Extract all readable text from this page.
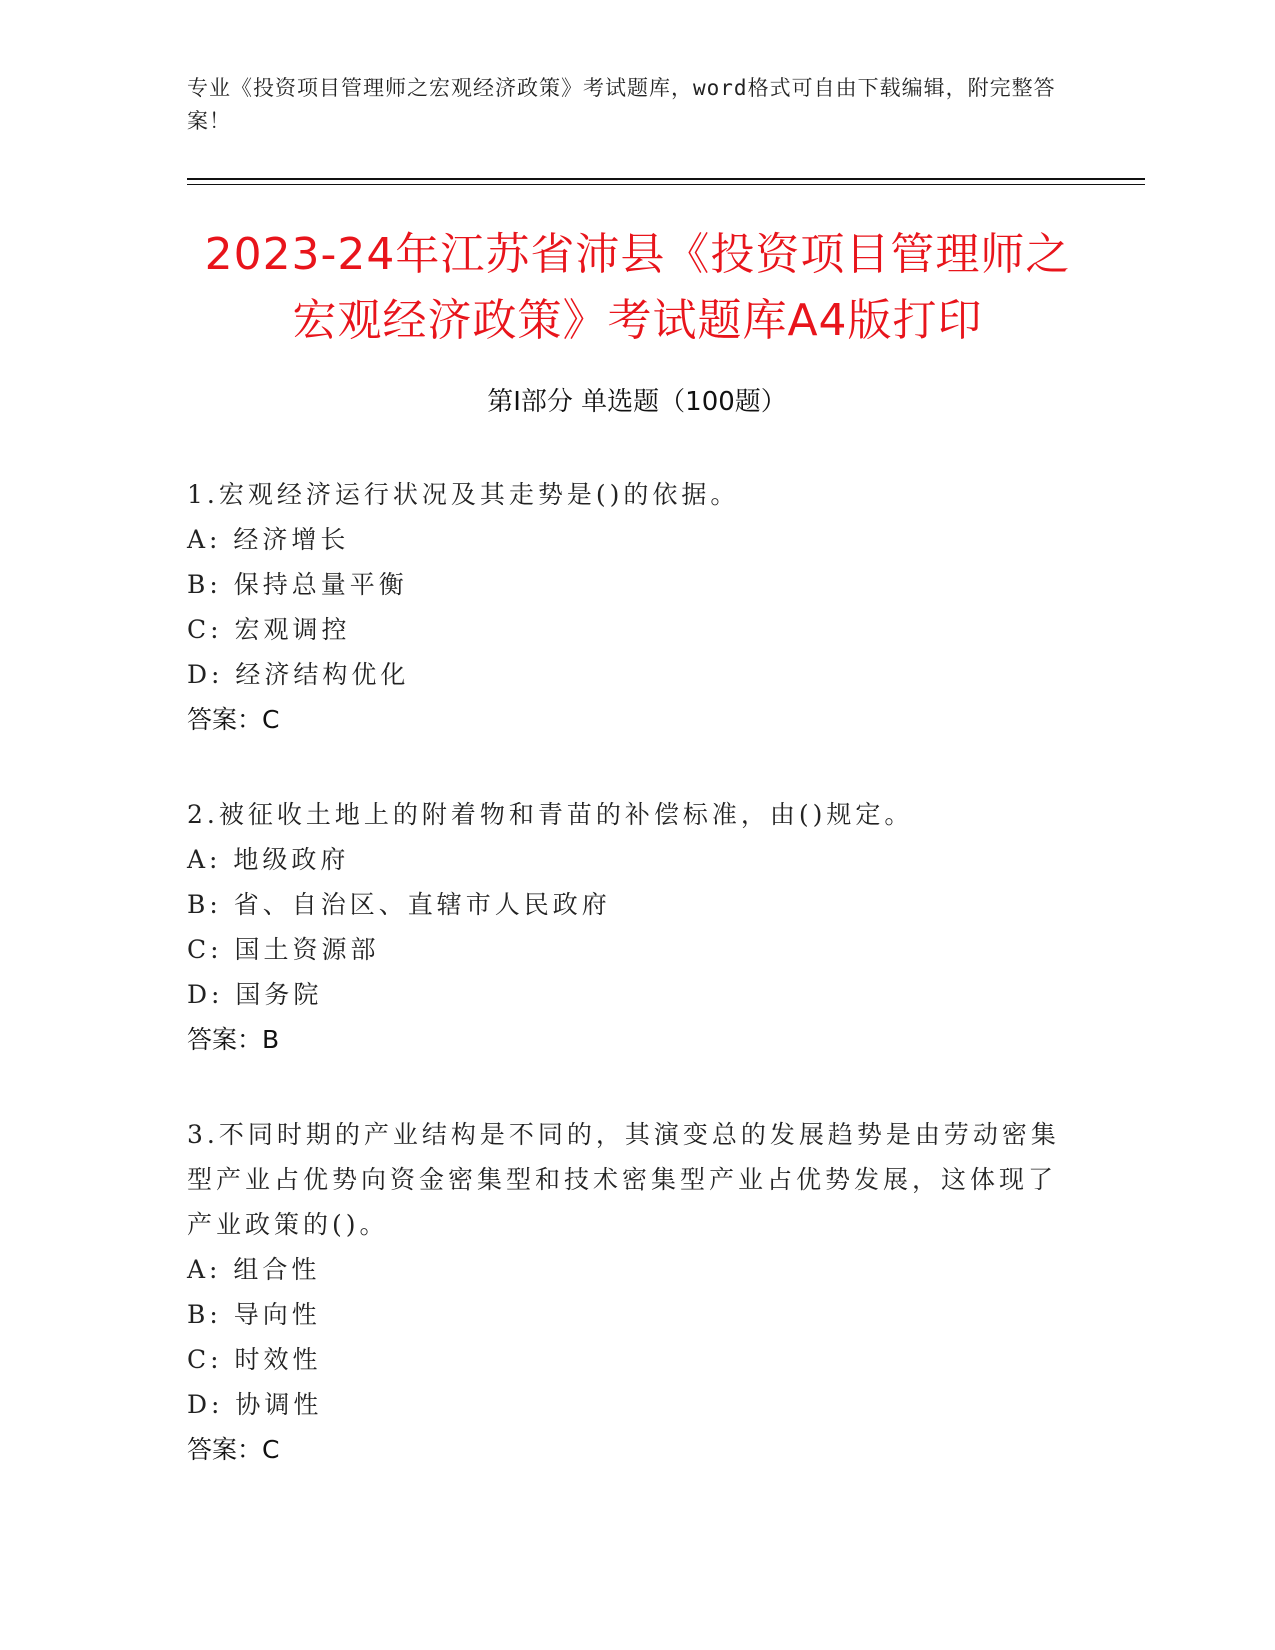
专业《投资项目管理师之宏观经济政策》考试题库，word格式可自由下载编辑，附完整答案！
2023-24年江苏省沛县《投资项目管理师之
宏观经济政策》考试题库A4版打印
第I部分 单选题（100题）

1.宏观经济运行状况及其走势是()的依据。

A: 经济增长

B: 保持总量平衡

C: 宏观调控

D: 经济结构优化

答案：C

2.被征收土地上的附着物和青苗的补偿标准，由()规定。

A: 地级政府

B: 省、自治区、直辖市人民政府

C: 国土资源部

D: 国务院

答案：B

3.不同时期的产业结构是不同的，其演变总的发展趋势是由劳动密集型产业占优势向资金密集型和技术密集型产业占优势发展，这体现了产业政策的()。

A: 组合性

B: 导向性

C: 时效性

D: 协调性

答案：C
